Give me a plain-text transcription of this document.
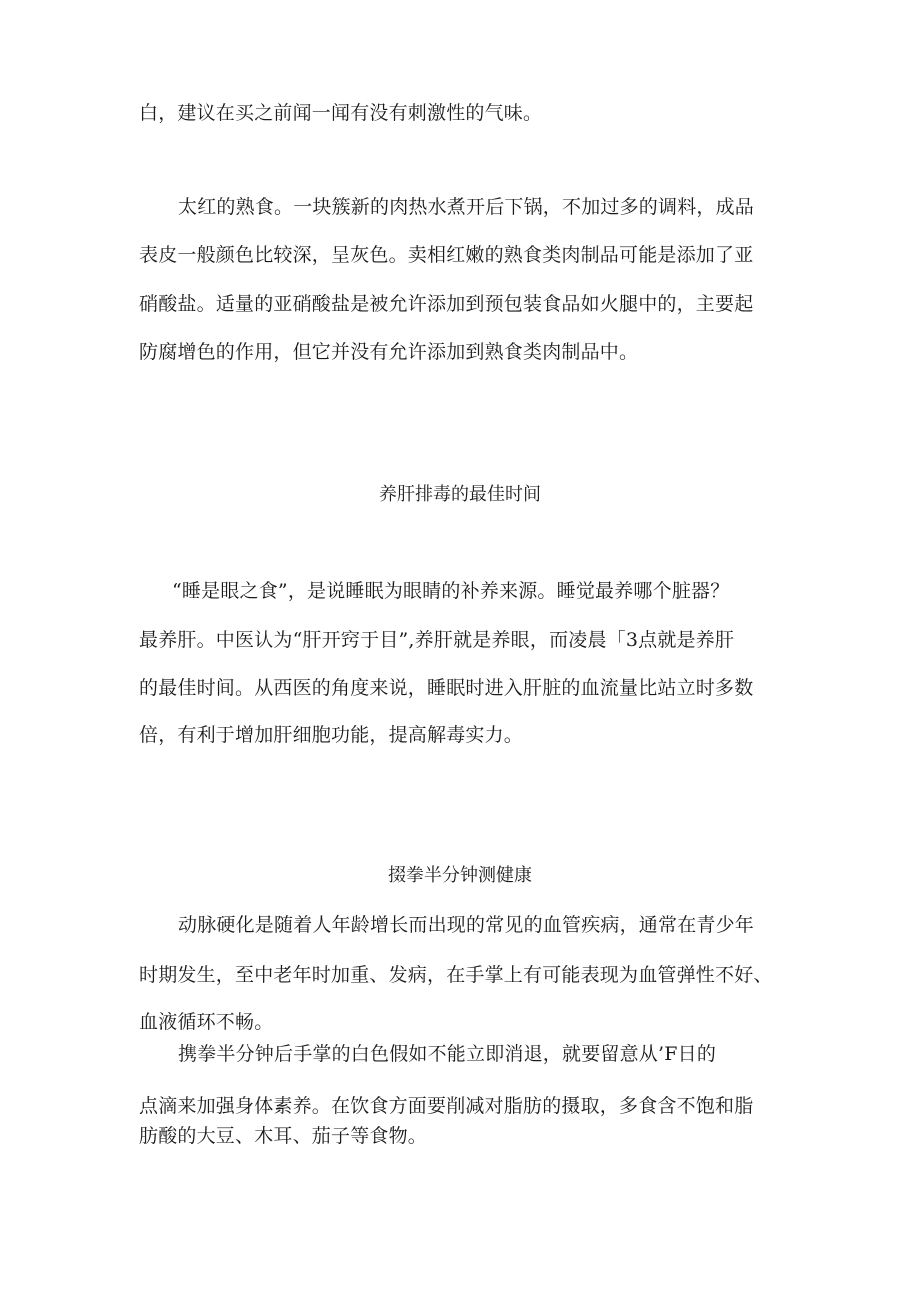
白，建议在买之前闻一闻有没有刺激性的气味。
太红的熟食。一块簇新的肉热水煮开后下锅，不加过多的调料，成品
表皮一般颜色比较深，呈灰色。卖相红嫩的熟食类肉制品可能是添加了亚
硝酸盐。适量的亚硝酸盐是被允许添加到预包装食品如火腿中的，主要起
防腐增色的作用，但它并没有允许添加到熟食类肉制品中。
养肝排毒的最佳时间
“睡是眼之食”，是说睡眠为眼睛的补养来源。睡觉最养哪个脏器？
最养肝。中医认为“肝开窍于目”,养肝就是养眼，而凌晨「3点就是养肝
的最佳时间。从西医的角度来说，睡眠时进入肝脏的血流量比站立时多数
倍，有利于增加肝细胞功能，提高解毒实力。
掇拳半分钟测健康
动脉硬化是随着人年龄增长而出现的常见的血管疾病，通常在青少年
时期发生，至中老年时加重、发病，在手掌上有可能表现为血管弹性不好、
血液循环不畅。
携拳半分钟后手掌的白色假如不能立即消退，就要留意从’F日的
点滴来加强身体素养。在饮食方面要削减对脂肪的摄取，多食含不饱和脂
肪酸的大豆、木耳、茄子等食物。
